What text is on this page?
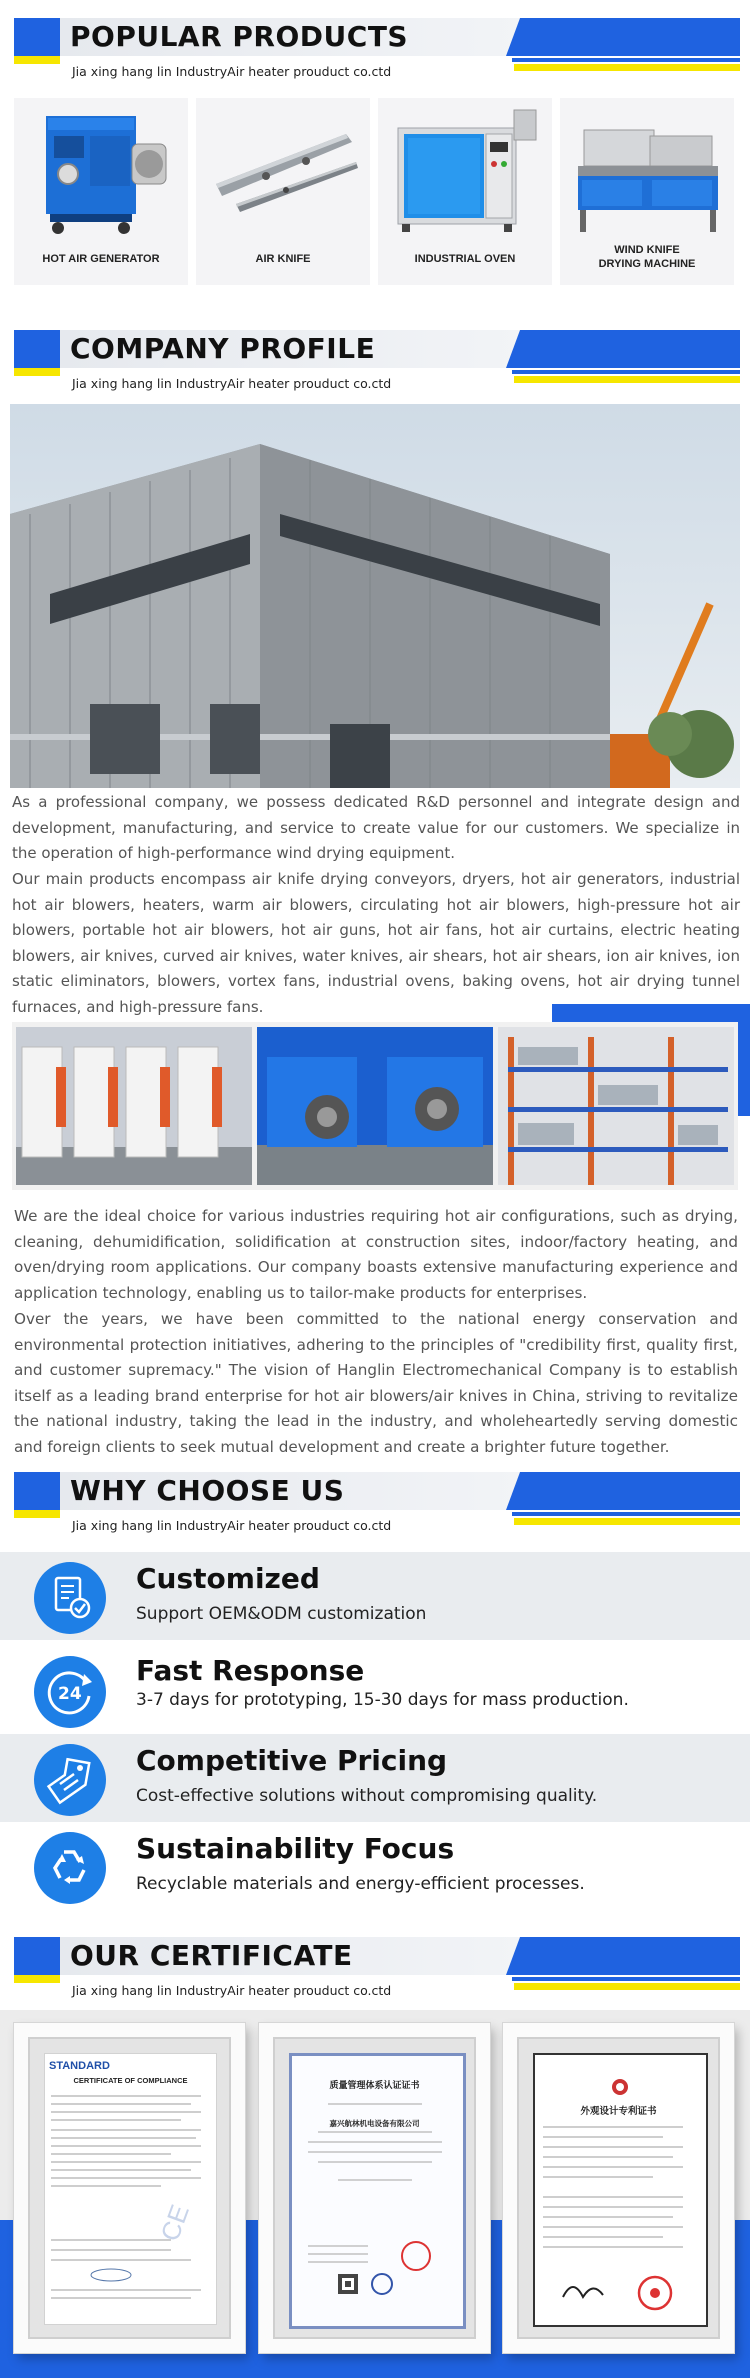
POPULAR PRODUCTS
Jia xing hang lin IndustryAir heater prouduct co.ctd
HOT AIR GENERATOR	AIR KNIFE	INDUSTRIAL OVEN
WIND KNIFE
DRYING MACHINE
COMPANY PROFILE
Jia xing hang lin IndustryAir heater prouduct co.ctd
As a professional company, we possess dedicated R&D personnel and integrate design and development, manufacturing, and service to create value for our customers. We specialize in the operation of high-performance wind drying equipment.
Our main products encompass air knife drying conveyors, dryers, hot air generators, industrial hot air blowers, heaters, warm air blowers, circulating hot air blowers, high-pressure hot air blowers, portable hot air blowers, hot air guns, hot air fans, hot air curtains, electric heating blowers, air knives, curved air knives, water knives, air shears, hot air shears, ion air knives, ion static eliminators, blowers, vortex fans, industrial ovens, baking ovens, hot air drying tunnel furnaces, and high-pressure fans.
We are the ideal choice for various industries requiring hot air configurations, such as drying, cleaning, dehumidification, solidification at construction sites, indoor/factory heating, and oven/drying room applications. Our company boasts extensive manufacturing experience and application technology, enabling us to tailor-make products for enterprises.
Over the years, we have been committed to the national energy conservation and environmental protection initiatives, adhering to the principles of "credibility first, quality first, and customer supremacy." The vision of Hanglin Electromechanical Company is to establish itself as a leading brand enterprise for hot air blowers/air knives in China, striving to revitalize the national industry, taking the lead in the industry, and wholeheartedly serving domestic and foreign clients to seek mutual development and create a brighter future together.
WHY CHOOSE US
Jia xing hang lin IndustryAir heater prouduct co.ctd
Customized
Support OEM&ODM customization
24
Fast Response
3-7 days for prototyping, 15-30 days for mass production.
Competitive Pricing
Cost-effective solutions without compromising quality.
Sustainability Focus
Recyclable materials and energy-efficient processes.
OUR CERTIFICATE
Jia xing hang lin IndustryAir heater prouduct co.ctd
STANDARD
CERTIFICATE OF COMPLIANCE
CE
质量管理体系认证证书
嘉兴航林机电设备有限公司
外观设计专利证书
